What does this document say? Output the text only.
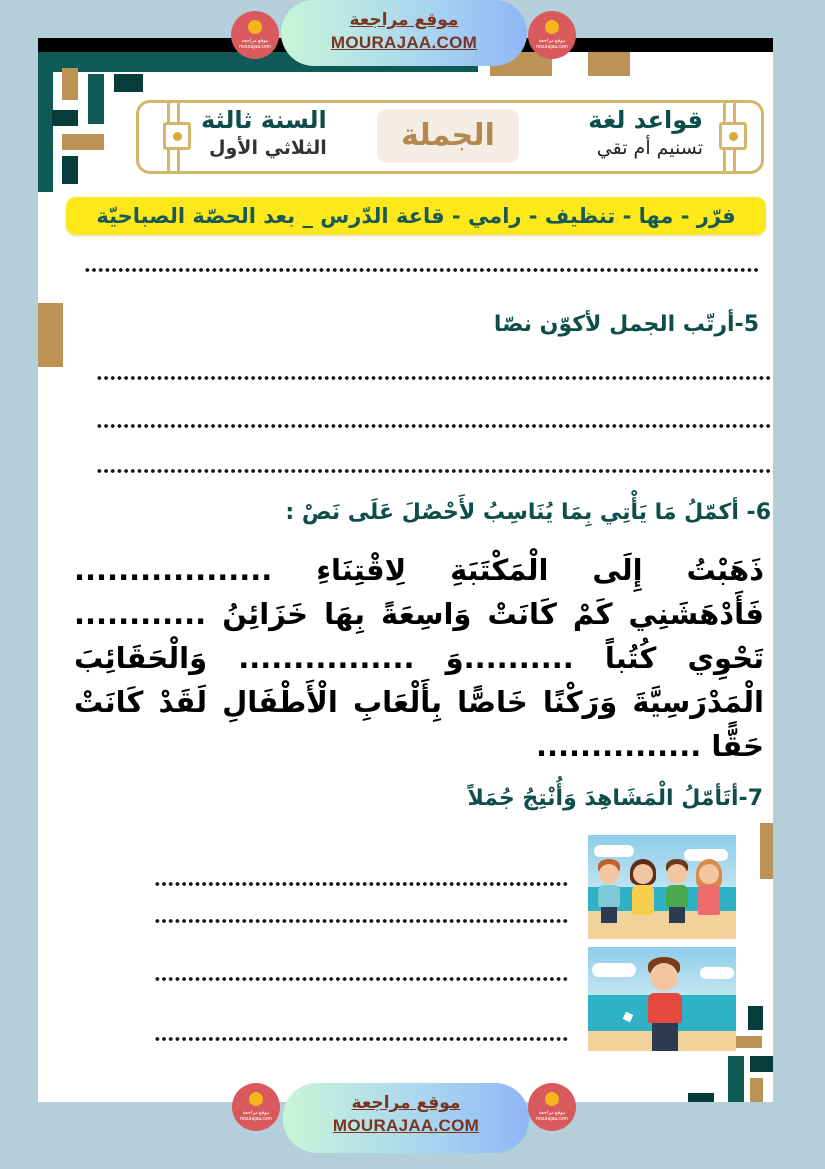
قواعد لغة
تسنيم أم تقي
الجملة
السنة ثالثة
الثلاثي الأول
فرّر - مها - تنظيف - رامي - قاعة الدّرس _ بعد الحصّة الصباحيّة
5-أرتّب الجمل لأكوّن نصّا
6- أكمّلُ مَا يَأْتِي بِمَا يُنَاسِبُ لأَحْصُلَ عَلَى نَصْ :
ذَهَبْتُ إِلَى الْمَكْتَبَةِ لِاقْتِنَاءِ .................. فَأَدْهَشَنِي كَمْ كَانَتْ وَاسِعَةً بِهَا خَزَائِنُ ............ تَحْوِي كُتُباً ..........وَ ................ وَالْحَقَائِبَ الْمَدْرَسِيَّةَ وَرَكْنًا خَاصًّا بِأَلْعَابِ الْأَطْفَالِ لَقَدْ كَانَتْ حَقًّا ...............
7-أتَأمّلُ الْمَشَاهِدَ وَأُنْتِجُ جُمَلاً
موقع مراجعة
mourajaa.com
موقع مراجعة
MOURAJAA.COM	موقع مراجعة
mourajaa.com
موقع مراجعة
mourajaa.com
موقع مراجعة
MOURAJAA.COM
موقع مراجعة
mourajaa.com
